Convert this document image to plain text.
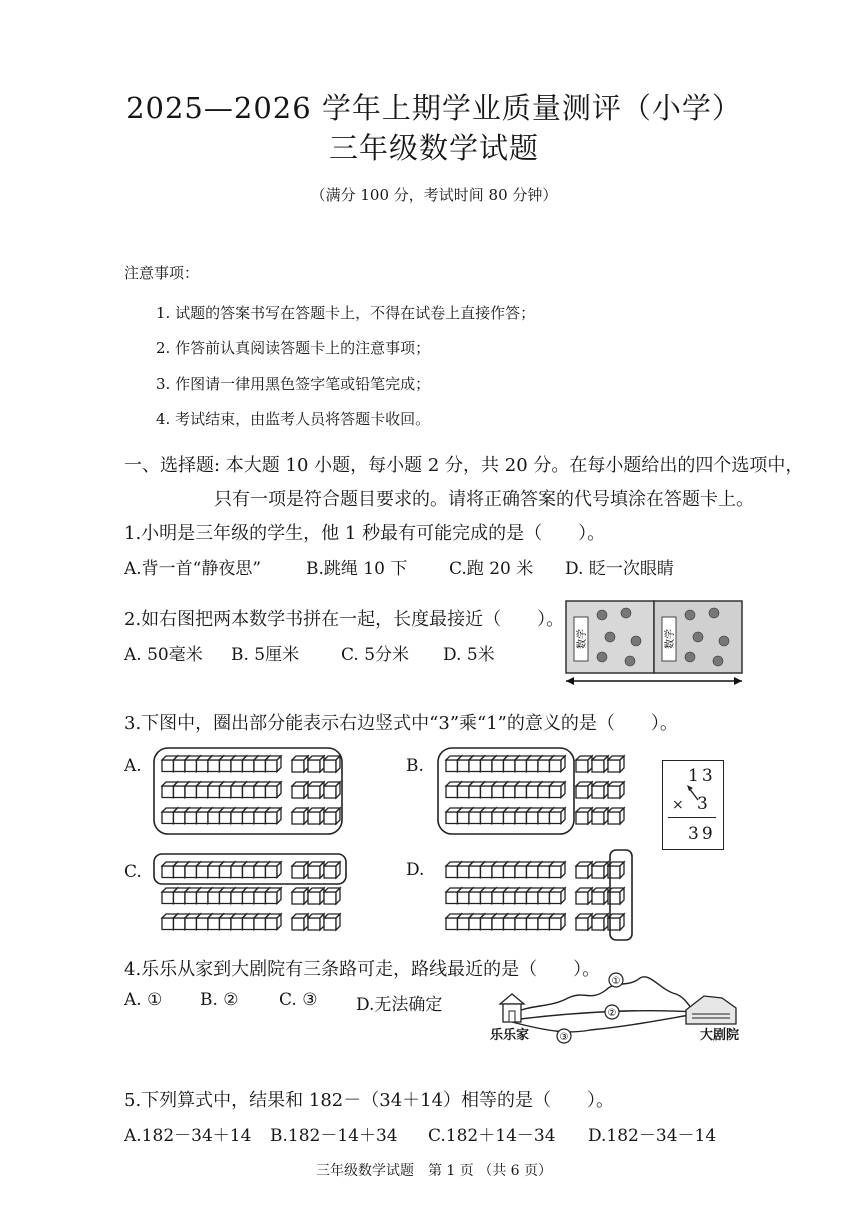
2025—2026 学年上期学业质量测评（小学）
三年级数学试题
（满分 100 分，考试时间 80 分钟）
注意事项：
1. 试题的答案书写在答题卡上，不得在试卷上直接作答；
2. 作答前认真阅读答题卡上的注意事项；
3. 作图请一律用黑色签字笔或铅笔完成；
4. 考试结束，由监考人员将答题卡收回。
一、选择题: 本大题 10 小题，每小题 2 分，共 20 分。在每小题给出的四个选项中，
只有一项是符合题目要求的。请将正确答案的代号填涂在答题卡上。
1.小明是三年级的学生，他 1 秒最有可能完成的是（　　）。
A.背一首“静夜思”	B.跳绳 10 下 C.跑 20 米 D. 眨一次眼睛
2.如右图把两本数学书拼在一起，长度最接近（　　）。
A. 50毫米 B. 5厘米 C. 5分米 D. 5米
数学	数学
3.下图中，圈出部分能表示右边竖式中“3”乘“1”的意义的是（　　）。
A.	B.
C.	D.
13
× 3
39
4.乐乐从家到大剧院有三条路可走，路线最近的是（　　）。
A. ① B. ② C. ③ D.无法确定
①
②
③
乐乐家	大剧院
5.下列算式中，结果和 182－（34＋14）相等的是（　　）。
A.182－34＋14 B.182－14＋34 C.182＋14－34 D.182－34－14
三年级数学试题　第 1 页 （共 6 页）
